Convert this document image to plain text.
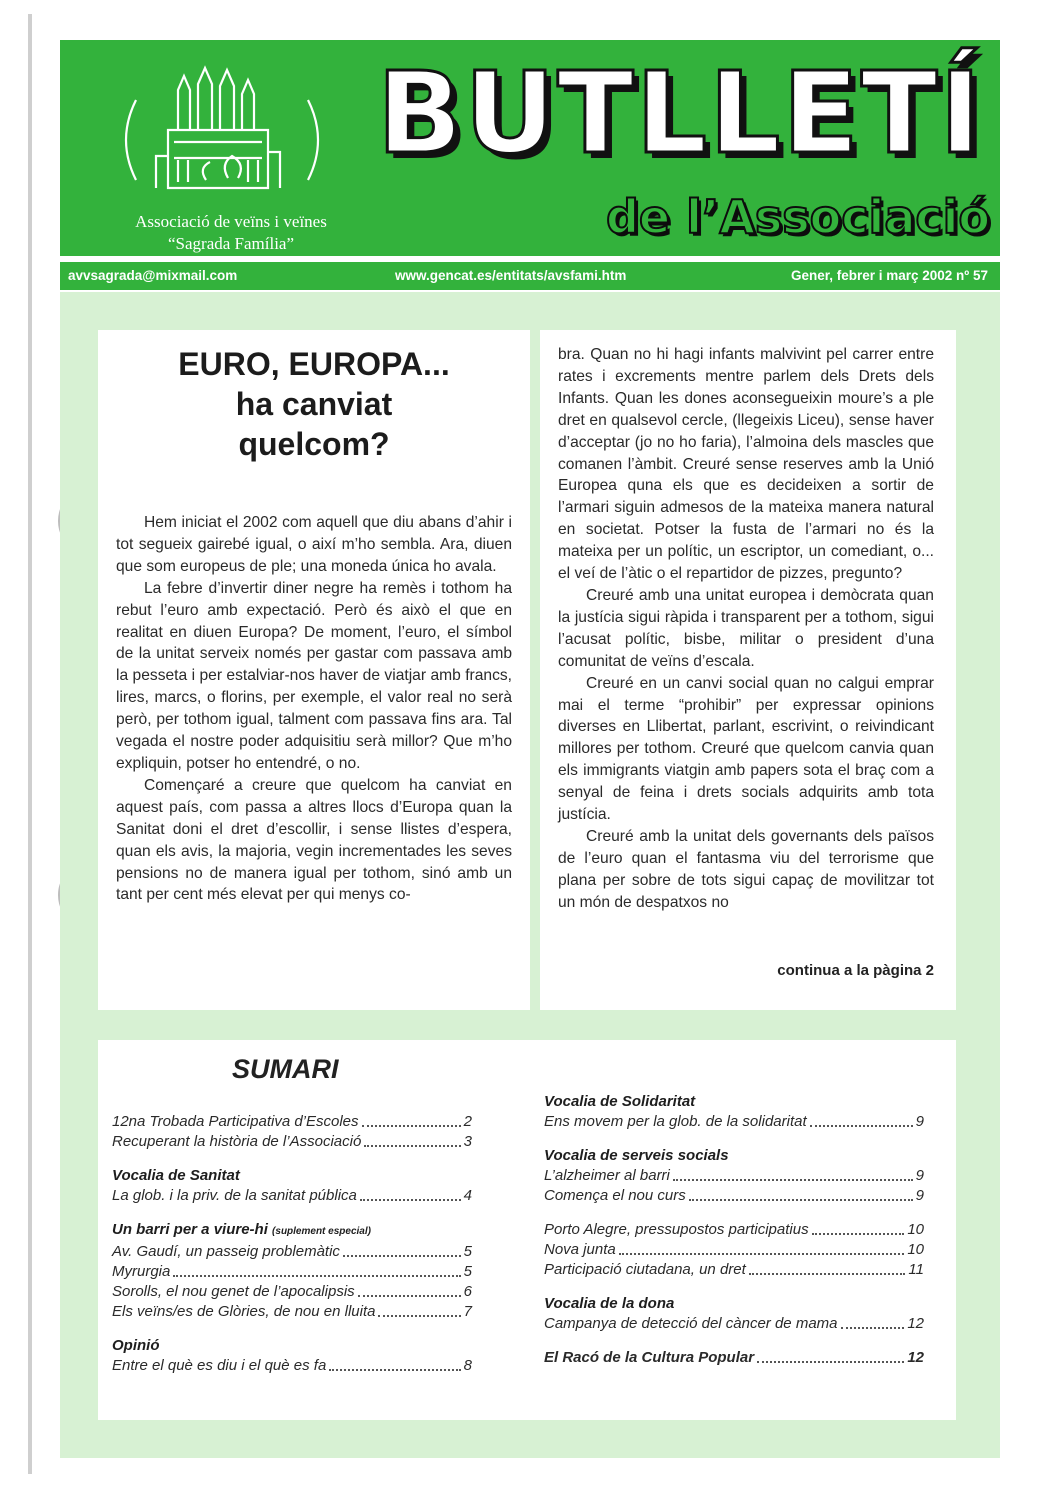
Associació de veïns i veïnes
“Sagrada Família”
BUTLLETÍ
de l’Associació
avvsagrada@mixmail.com	www.gencat.es/entitats/avsfami.htm	Gener, febrer i març 2002 nº 57
EURO, EUROPA...
ha canviat
quelcom?

Hem iniciat el 2002 com aquell que diu abans d’ahir i tot segueix gairebé igual, o així m’ho sembla. Ara, diuen que som europeus de ple; una moneda única ho avala.

La febre d’invertir diner negre ha remès i tothom ha rebut l’euro amb expectació. Però és això el que en realitat en diuen Europa? De moment, l’euro, el símbol de la unitat serveix només per gastar com passava amb la pesseta i per estalviar-nos haver de viatjar amb francs, lires, marcs, o florins, per exemple, el valor real no serà però, per tothom igual, talment com passava fins ara. Tal vegada el nostre poder adquisitiu serà millor? Que m’ho expliquin, potser ho entendré, o no.

Començaré a creure que quelcom ha canviat en aquest país, com passa a altres llocs d’Europa quan la Sanitat doni el dret d’escollir, i sense llistes d’espera, quan els avis, la majoria, vegin incrementades les seves pensions no de manera igual per tothom, sinó amb un tant per cent més elevat per qui menys co-

bra. Quan no hi hagi infants malvivint pel carrer entre rates i excrements mentre parlem dels Drets dels Infants. Quan les dones aconsegueixin moure’s a ple dret en qualsevol cercle, (llegeixis Liceu), sense haver d’acceptar (jo no ho faria), l’almoina dels mascles que comanen l’àmbit. Creuré sense reserves amb la Unió Europea quna els que es decideixen a sortir de l’armari siguin admesos de la mateixa manera natural en societat. Potser la fusta de l’armari no és la mateixa per un polític, un escriptor, un comediant, o... el veí de l’àtic o el repartidor de pizzes, pregunto?

Creuré amb una unitat europea i demòcrata quan la justícia sigui ràpida i transparent per a tothom, sigui l’acusat polític, bisbe, militar o president d’una comunitat de veïns d’escala.

Creuré en un canvi social quan no calgui emprar mai el terme “prohibir” per expressar opinions diverses en Llibertat, parlant, escrivint, o reivindicant millores per tothom. Creuré que quelcom canvia quan els immigrants viatgin amb papers sota el braç com a senyal de feina i drets socials adquirits amb tota justícia.

Creuré amb la unitat dels governants dels països de l’euro quan el fantasma viu del terrorisme que plana per sobre de tots sigui capaç de movilitzar tot un món de despatxos no

continua a la pàgina 2
SUMARI
12na Trobada Participativa d’Escoles	2
Recuperant la història de l’Associació	3
Vocalia de Sanitat
La glob. i la priv. de la sanitat pública	4
Un barri per a viure-hi (suplement especial)
Av. Gaudí, un passeig problemàtic	5
Myrurgia	5
Sorolls, el nou genet de l’apocalipsis	6
Els veïns/es de Glòries, de nou en lluita	7
Opinió
Entre el què es diu i el què es fa	8
Vocalia de Solidaritat
Ens movem per la glob. de la solidaritat	9
Vocalia de serveis socials
L’alzheimer al barri	9
Comença el nou curs	9
Porto Alegre, pressupostos participatius	10
Nova junta	10
Participació ciutadana, un dret	11
Vocalia de la dona
Campanya de detecció del càncer de mama	12
El Racó de la Cultura Popular	12
